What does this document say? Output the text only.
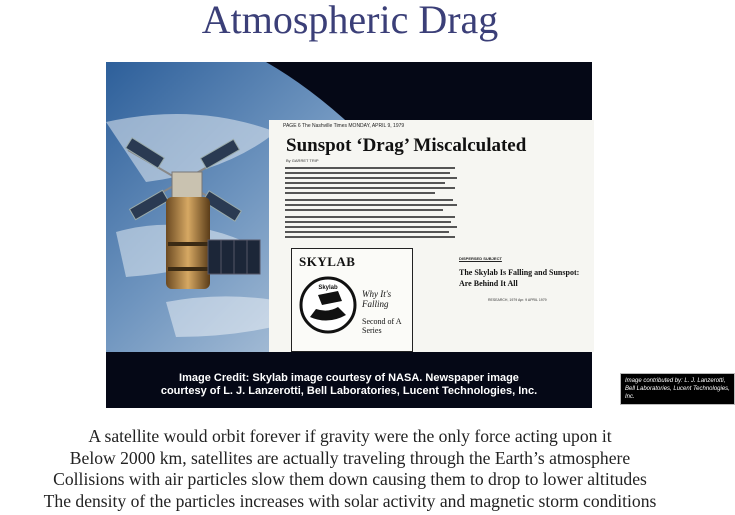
Atmospheric Drag
PAGE 6 The Nashville Times MONDAY, APRIL 9, 1979
Sunspot ‘Drag’ Miscalculated
By GARRET TRIP
SKYLAB
Skylab
Why It's Falling
Second of A Series
DISPERSED SUBJECT
The Skylab Is Falling and Sunspot: Are Behind It All
RESEARCH, 1979 Apr. 9 APRIL 1979
Image contributed by: L. J. Lanzerotti, Bell Laboratories, Lucent Technologies, Inc.
Image Credit: Skylab image courtesy of NASA. Newspaper image
courtesy of L. J. Lanzerotti, Bell Laboratories, Lucent Technologies, Inc.
A satellite would orbit forever if gravity were the only force acting upon it
Below 2000 km, satellites are actually traveling through the Earth’s atmosphere
Collisions with air particles slow them down causing them to drop to lower altitudes
The density of the particles increases with solar activity and magnetic storm conditions
